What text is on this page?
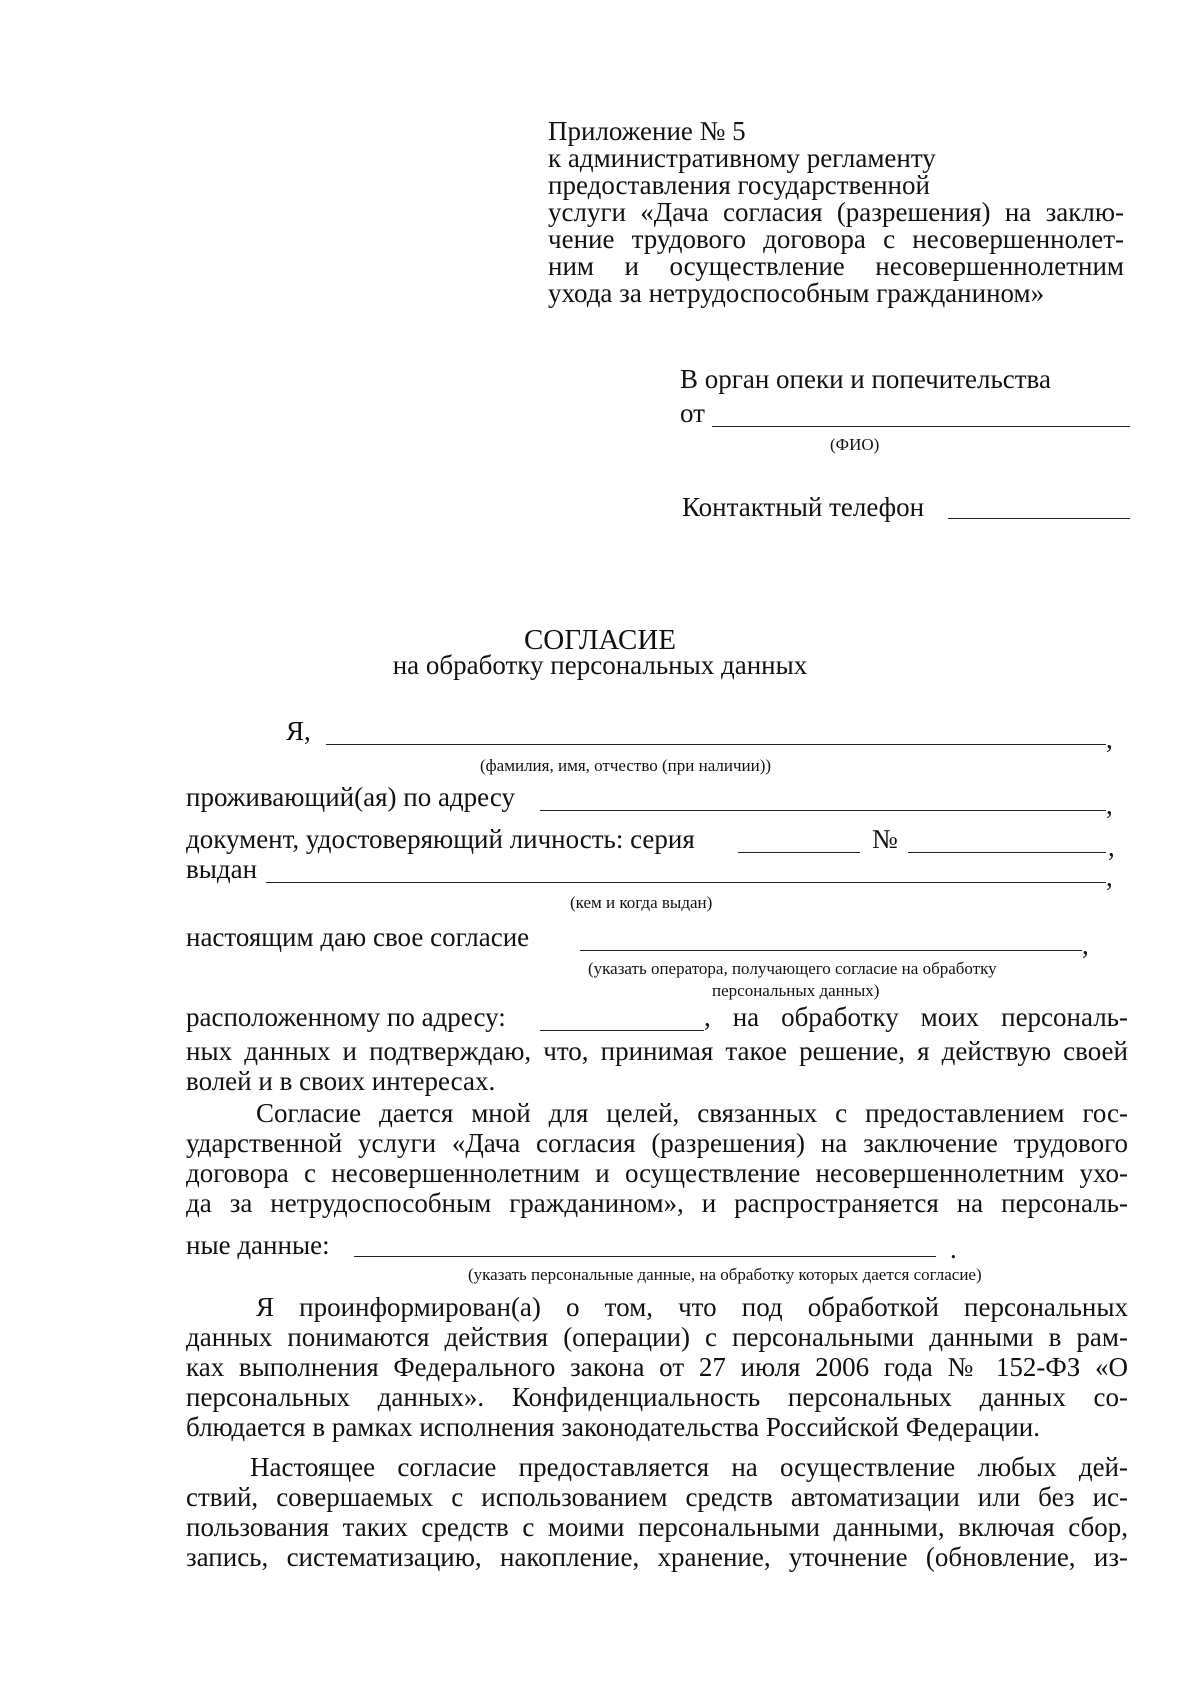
Приложение № 5
к административному регламенту
предоставления государственной
услуги «Дача согласия (разрешения) на заклю-
чение трудового договора с несовершеннолет-
ним и осуществление несовершеннолетним
ухода за нетрудоспособным гражданином»
В орган опеки и попечительства
от
(ФИО)
Контактный телефон
СОГЛАСИЕ
на обработку персональных данных
Я,	,
(фамилия, имя, отчество (при наличии))
проживающий(ая) по адресу	,
документ, удостоверяющий личность: серия	№	,
выдан	,
(кем и когда выдан)
настоящим даю свое согласие	,
(указать оператора, получающего согласие на обработку
персональных данных)
расположенному по адресу:	, на обработку моих персональ-
ных данных и подтверждаю, что, принимая такое решение, я действую своей
волей и в своих интересах.
Согласие дается мной для целей, связанных с предоставлением гос-
ударственной услуги «Дача согласия (разрешения) на заключение трудового
договора с несовершеннолетним и осуществление несовершеннолетним ухо-
да за нетрудоспособным гражданином», и распространяется на персональ-
ные данные:	.
(указать персональные данные, на обработку которых дается согласие)
Я проинформирован(а) о том, что под обработкой персональных
данных понимаются действия (операции) с персональными данными в рам-
ках выполнения Федерального закона от 27 июля 2006 года № 152-ФЗ «О
персональных данных». Конфиденциальность персональных данных со-
блюдается в рамках исполнения законодательства Российской Федерации.
Настоящее согласие предоставляется на осуществление любых дей-
ствий, совершаемых с использованием средств автоматизации или без ис-
пользования таких средств с моими персональными данными, включая сбор,
запись, систематизацию, накопление, хранение, уточнение (обновление, из-
